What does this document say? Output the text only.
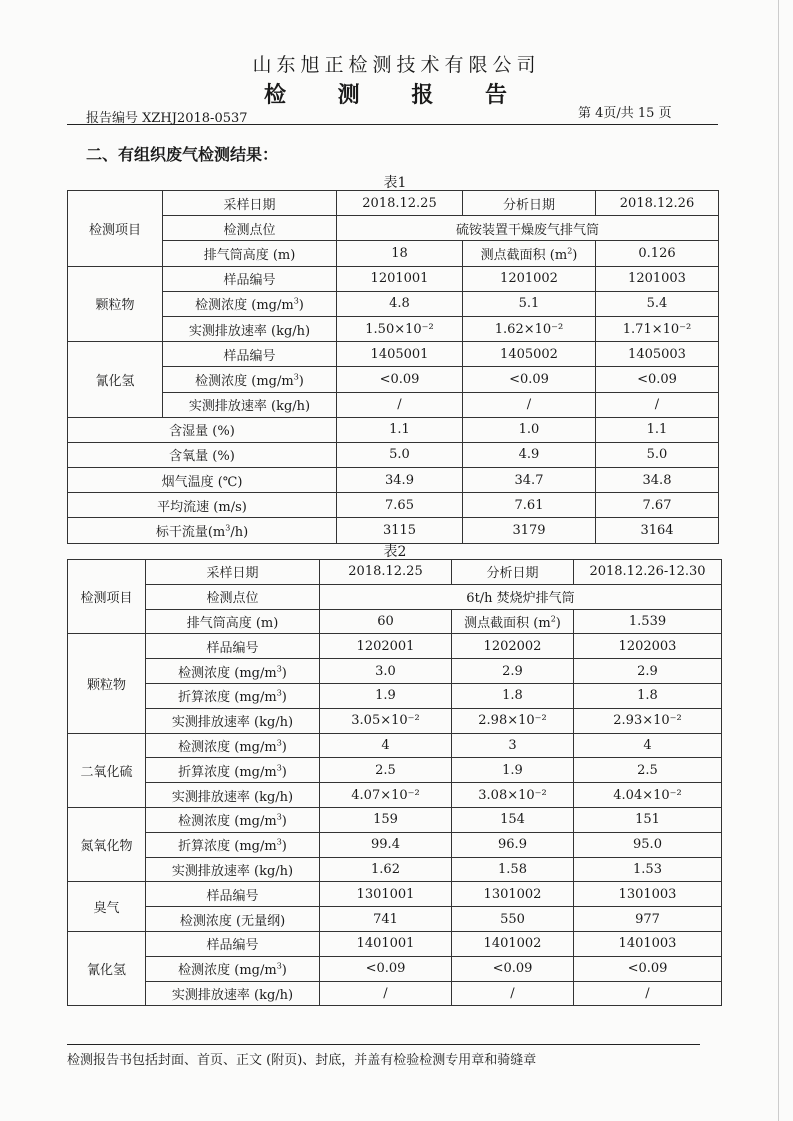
山东旭正检测技术有限公司
检 测 报 告
报告编号 XZHJ2018-0537	第 4页/共 15 页
二、有组织废气检测结果：
表1
检测项目	采样日期	2018.12.25	分析日期	2018.12.26
	检测点位	硫铵装置干燥废气排气筒		
	排气筒高度 (m)	18	测点截面积 $(m^2)$	0.126
颗粒物	样品编号	1201001	1201002	1201003
	检测浓度 $(mg/m^3)$	4.8	5.1	5.4
	实测排放速率 (kg/h)	1.50×10⁻²	1.62×10⁻²	1.71×10⁻²
氰化氢	样品编号	1405001	1405002	1405003
	检测浓度 $(mg/m^3)$	<0.09	<0.09	<0.09
	实测排放速率 (kg/h)	/	/	/
含湿量 (%)		1.1	1.0	1.1
含氧量 (%)		5.0	4.9	5.0
烟气温度 (℃)		34.9	34.7	34.8
平均流速 (m/s)		7.65	7.61	7.67
标干流量$(m^3/h)$		3115	3179	3164
表2
检测项目	采样日期	2018.12.25	分析日期	2018.12.26-12.30
	检测点位	6t/h 焚烧炉排气筒		
	排气筒高度 (m)	60	测点截面积 $(m^2)$	1.539
颗粒物	样品编号	1202001	1202002	1202003
	检测浓度 $(mg/m^3)$	3.0	2.9	2.9
	折算浓度 $(mg/m^3)$	1.9	1.8	1.8
	实测排放速率 (kg/h)	3.05×10⁻²	2.98×10⁻²	2.93×10⁻²
二氧化硫	检测浓度 $(mg/m^3)$	4	3	4
	折算浓度 $(mg/m^3)$	2.5	1.9	2.5
	实测排放速率 (kg/h)	4.07×10⁻²	3.08×10⁻²	4.04×10⁻²
氮氧化物	检测浓度 $(mg/m^3)$	159	154	151
	折算浓度 $(mg/m^3)$	99.4	96.9	95.0
	实测排放速率 (kg/h)	1.62	1.58	1.53
臭气	样品编号	1301001	1301002	1301003
	检测浓度 (无量纲)	741	550	977
氰化氢	样品编号	1401001	1401002	1401003
	检测浓度 $(mg/m^3)$	<0.09	<0.09	<0.09
	实测排放速率 (kg/h)	/	/	/
检测报告书包括封面、首页、正文 (附页)、封底，并盖有检验检测专用章和骑缝章
